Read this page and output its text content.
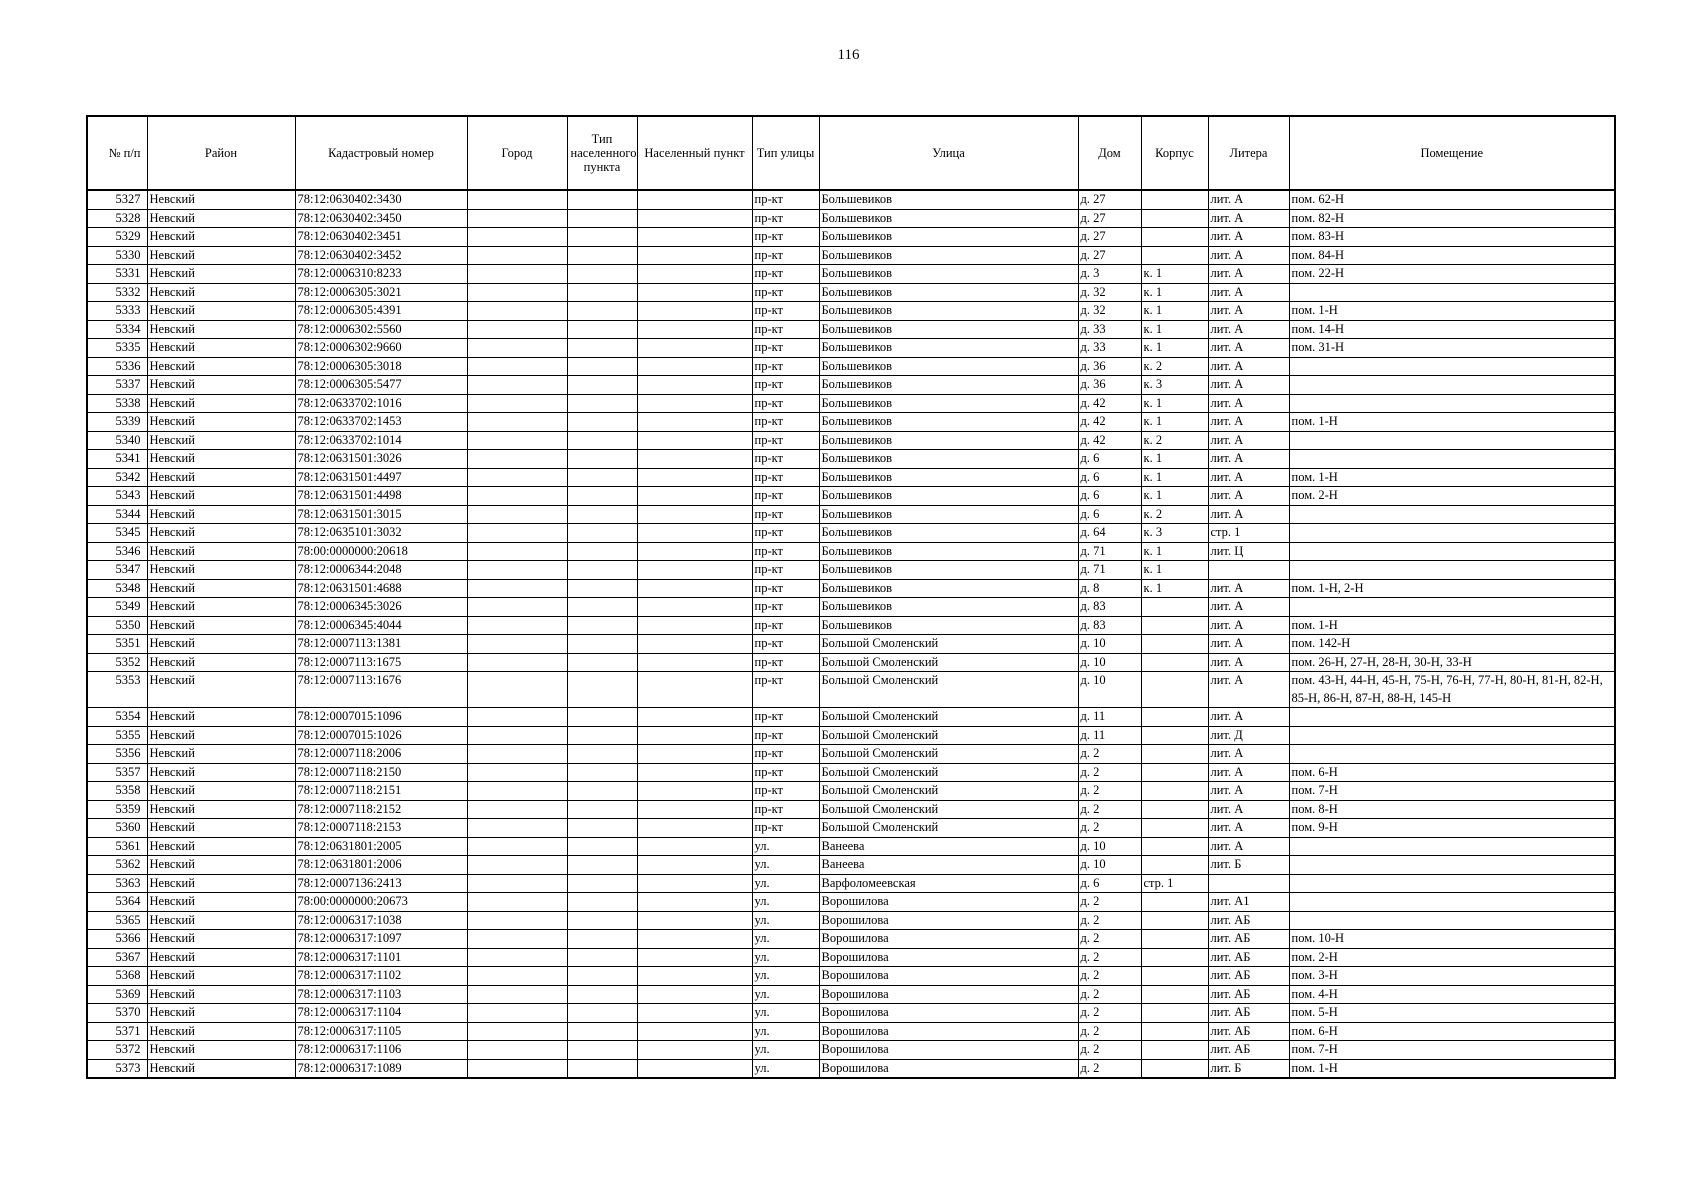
116
№ п/п	Район	Кадастровый номер	Город	Тип населенного пункта	Населенный пункт	Тип улицы	Улица	Дом	Корпус	Литера	Помещение
5327	Невский	78:12:0630402:3430				пр-кт	Большевиков	д. 27		лит. А	пом. 62-Н
5328	Невский	78:12:0630402:3450				пр-кт	Большевиков	д. 27		лит. А	пом. 82-Н
5329	Невский	78:12:0630402:3451				пр-кт	Большевиков	д. 27		лит. А	пом. 83-Н
5330	Невский	78:12:0630402:3452				пр-кт	Большевиков	д. 27		лит. А	пом. 84-Н
5331	Невский	78:12:0006310:8233				пр-кт	Большевиков	д. 3	к. 1	лит. А	пом. 22-Н
5332	Невский	78:12:0006305:3021				пр-кт	Большевиков	д. 32	к. 1	лит. А	
5333	Невский	78:12:0006305:4391				пр-кт	Большевиков	д. 32	к. 1	лит. А	пом. 1-Н
5334	Невский	78:12:0006302:5560				пр-кт	Большевиков	д. 33	к. 1	лит. А	пом. 14-Н
5335	Невский	78:12:0006302:9660				пр-кт	Большевиков	д. 33	к. 1	лит. А	пом. 31-Н
5336	Невский	78:12:0006305:3018				пр-кт	Большевиков	д. 36	к. 2	лит. А	
5337	Невский	78:12:0006305:5477				пр-кт	Большевиков	д. 36	к. 3	лит. А	
5338	Невский	78:12:0633702:1016				пр-кт	Большевиков	д. 42	к. 1	лит. А	
5339	Невский	78:12:0633702:1453				пр-кт	Большевиков	д. 42	к. 1	лит. А	пом. 1-Н
5340	Невский	78:12:0633702:1014				пр-кт	Большевиков	д. 42	к. 2	лит. А	
5341	Невский	78:12:0631501:3026				пр-кт	Большевиков	д. 6	к. 1	лит. А	
5342	Невский	78:12:0631501:4497				пр-кт	Большевиков	д. 6	к. 1	лит. А	пом. 1-Н
5343	Невский	78:12:0631501:4498				пр-кт	Большевиков	д. 6	к. 1	лит. А	пом. 2-Н
5344	Невский	78:12:0631501:3015				пр-кт	Большевиков	д. 6	к. 2	лит. А	
5345	Невский	78:12:0635101:3032				пр-кт	Большевиков	д. 64	к. 3	стр. 1	
5346	Невский	78:00:0000000:20618				пр-кт	Большевиков	д. 71	к. 1	лит. Ц	
5347	Невский	78:12:0006344:2048				пр-кт	Большевиков	д. 71	к. 1		
5348	Невский	78:12:0631501:4688				пр-кт	Большевиков	д. 8	к. 1	лит. А	пом. 1-Н, 2-Н
5349	Невский	78:12:0006345:3026				пр-кт	Большевиков	д. 83		лит. А	
5350	Невский	78:12:0006345:4044				пр-кт	Большевиков	д. 83		лит. А	пом. 1-Н
5351	Невский	78:12:0007113:1381				пр-кт	Большой Смоленский	д. 10		лит. А	пом. 142-Н
5352	Невский	78:12:0007113:1675				пр-кт	Большой Смоленский	д. 10		лит. А	пом. 26-Н, 27-Н, 28-Н, 30-Н, 33-Н
5353	Невский	78:12:0007113:1676				пр-кт	Большой Смоленский	д. 10		лит. А	пом. 43-Н, 44-Н, 45-Н, 75-Н, 76-Н, 77-Н, 80-Н, 81-Н, 82-Н, 85-Н, 86-Н, 87-Н, 88-Н, 145-Н
5354	Невский	78:12:0007015:1096				пр-кт	Большой Смоленский	д. 11		лит. А	
5355	Невский	78:12:0007015:1026				пр-кт	Большой Смоленский	д. 11		лит. Д	
5356	Невский	78:12:0007118:2006				пр-кт	Большой Смоленский	д. 2		лит. А	
5357	Невский	78:12:0007118:2150				пр-кт	Большой Смоленский	д. 2		лит. А	пом. 6-Н
5358	Невский	78:12:0007118:2151				пр-кт	Большой Смоленский	д. 2		лит. А	пом. 7-Н
5359	Невский	78:12:0007118:2152				пр-кт	Большой Смоленский	д. 2		лит. А	пом. 8-Н
5360	Невский	78:12:0007118:2153				пр-кт	Большой Смоленский	д. 2		лит. А	пом. 9-Н
5361	Невский	78:12:0631801:2005				ул.	Ванеева	д. 10		лит. А	
5362	Невский	78:12:0631801:2006				ул.	Ванеева	д. 10		лит. Б	
5363	Невский	78:12:0007136:2413				ул.	Варфоломеевская	д. 6	стр. 1		
5364	Невский	78:00:0000000:20673				ул.	Ворошилова	д. 2		лит. А1	
5365	Невский	78:12:0006317:1038				ул.	Ворошилова	д. 2		лит. АБ	
5366	Невский	78:12:0006317:1097				ул.	Ворошилова	д. 2		лит. АБ	пом. 10-Н
5367	Невский	78:12:0006317:1101				ул.	Ворошилова	д. 2		лит. АБ	пом. 2-Н
5368	Невский	78:12:0006317:1102				ул.	Ворошилова	д. 2		лит. АБ	пом. 3-Н
5369	Невский	78:12:0006317:1103				ул.	Ворошилова	д. 2		лит. АБ	пом. 4-Н
5370	Невский	78:12:0006317:1104				ул.	Ворошилова	д. 2		лит. АБ	пом. 5-Н
5371	Невский	78:12:0006317:1105				ул.	Ворошилова	д. 2		лит. АБ	пом. 6-Н
5372	Невский	78:12:0006317:1106				ул.	Ворошилова	д. 2		лит. АБ	пом. 7-Н
5373	Невский	78:12:0006317:1089				ул.	Ворошилова	д. 2		лит. Б	пом. 1-Н
